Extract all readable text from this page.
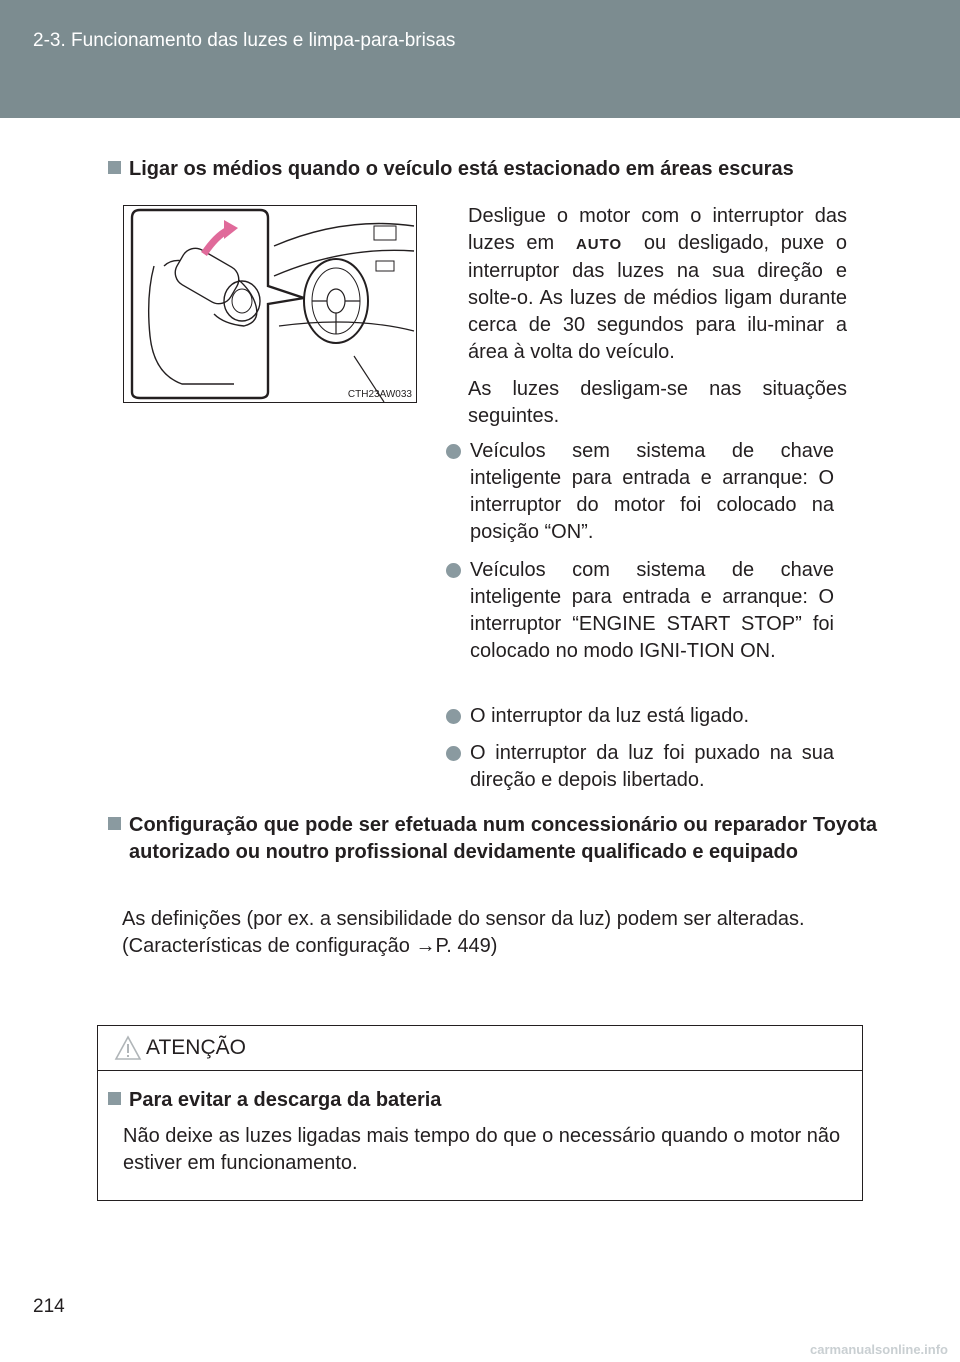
2-3. Funcionamento das luzes e limpa-para-brisas
Ligar os médios quando o veículo está estacionado em áreas escuras
CTH23AW033
Desligue o motor com o interruptor das luzes em AUTO ou desligado, puxe o interruptor das luzes na sua direção e solte-o. As luzes de médios ligam durante cerca de 30 segundos para ilu-minar a área à volta do veículo.
As luzes desligam-se nas situações seguintes.
Veículos sem sistema de chave inteligente para entrada e arranque: O interruptor do motor foi colocado na posição “ON”.
Veículos com sistema de chave inteligente para entrada e arranque: O interruptor “ENGINE START STOP” foi colocado no modo IGNI-TION ON.
O interruptor da luz está ligado.
O interruptor da luz foi puxado na sua direção e depois libertado.
Configuração que pode ser efetuada num concessionário ou reparador Toyota autorizado ou noutro profissional devidamente qualificado e equipado
As definições (por ex. a sensibilidade do sensor da luz) podem ser alteradas.
(Características de configuração →P. 449)
ATENÇÃO
Para evitar a descarga da bateria
Não deixe as luzes ligadas mais tempo do que o necessário quando o motor não estiver em funcionamento.
214
carmanualsonline.info
